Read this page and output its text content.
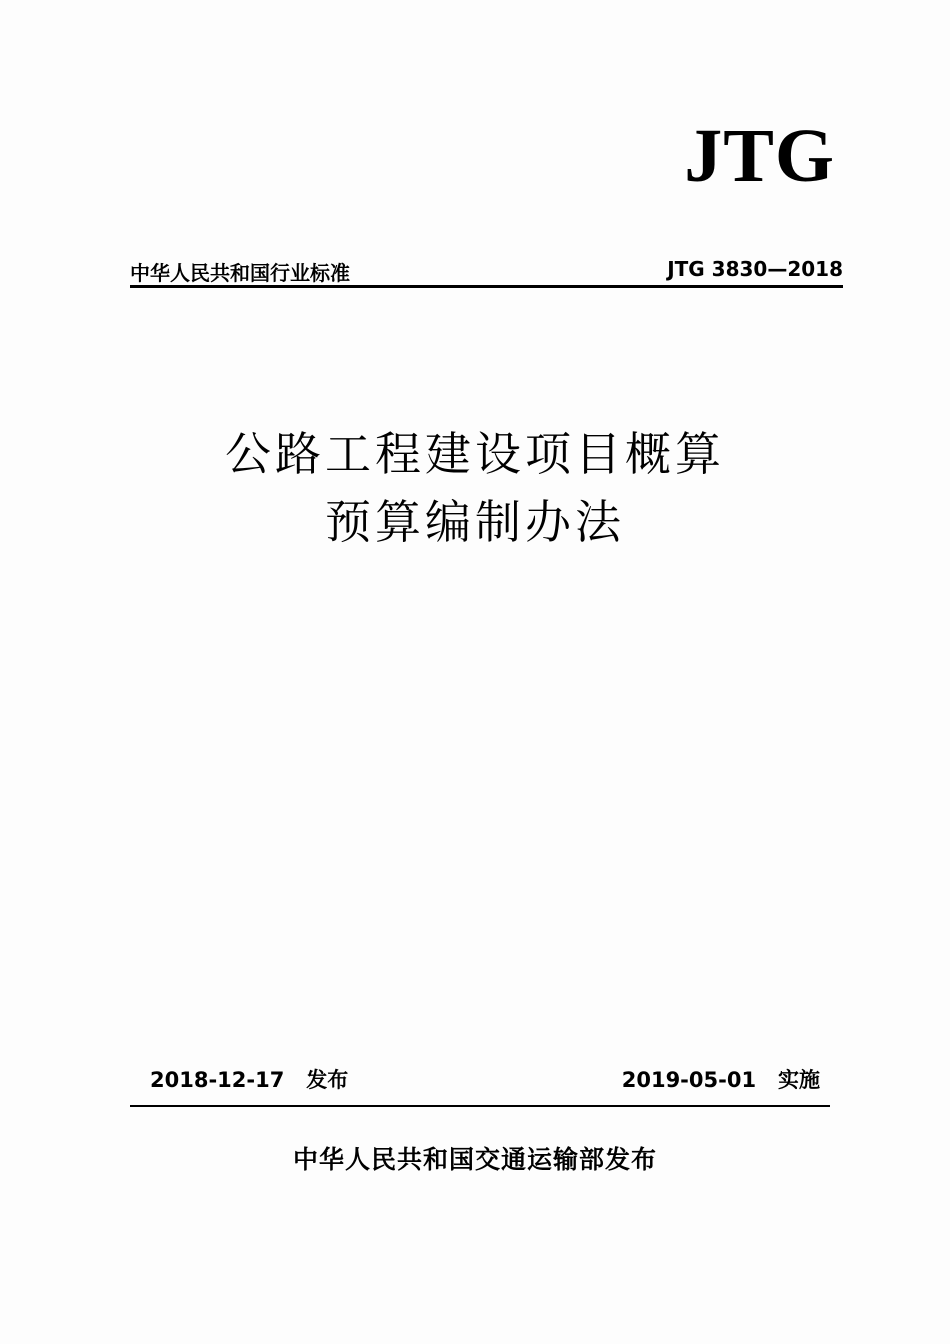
JTG
中华人民共和国行业标准	JTG 3830—2018
公路工程建设项目概算
预算编制办法
2018-12-17 发布	2019-05-01 实施
中华人民共和国交通运输部发布
